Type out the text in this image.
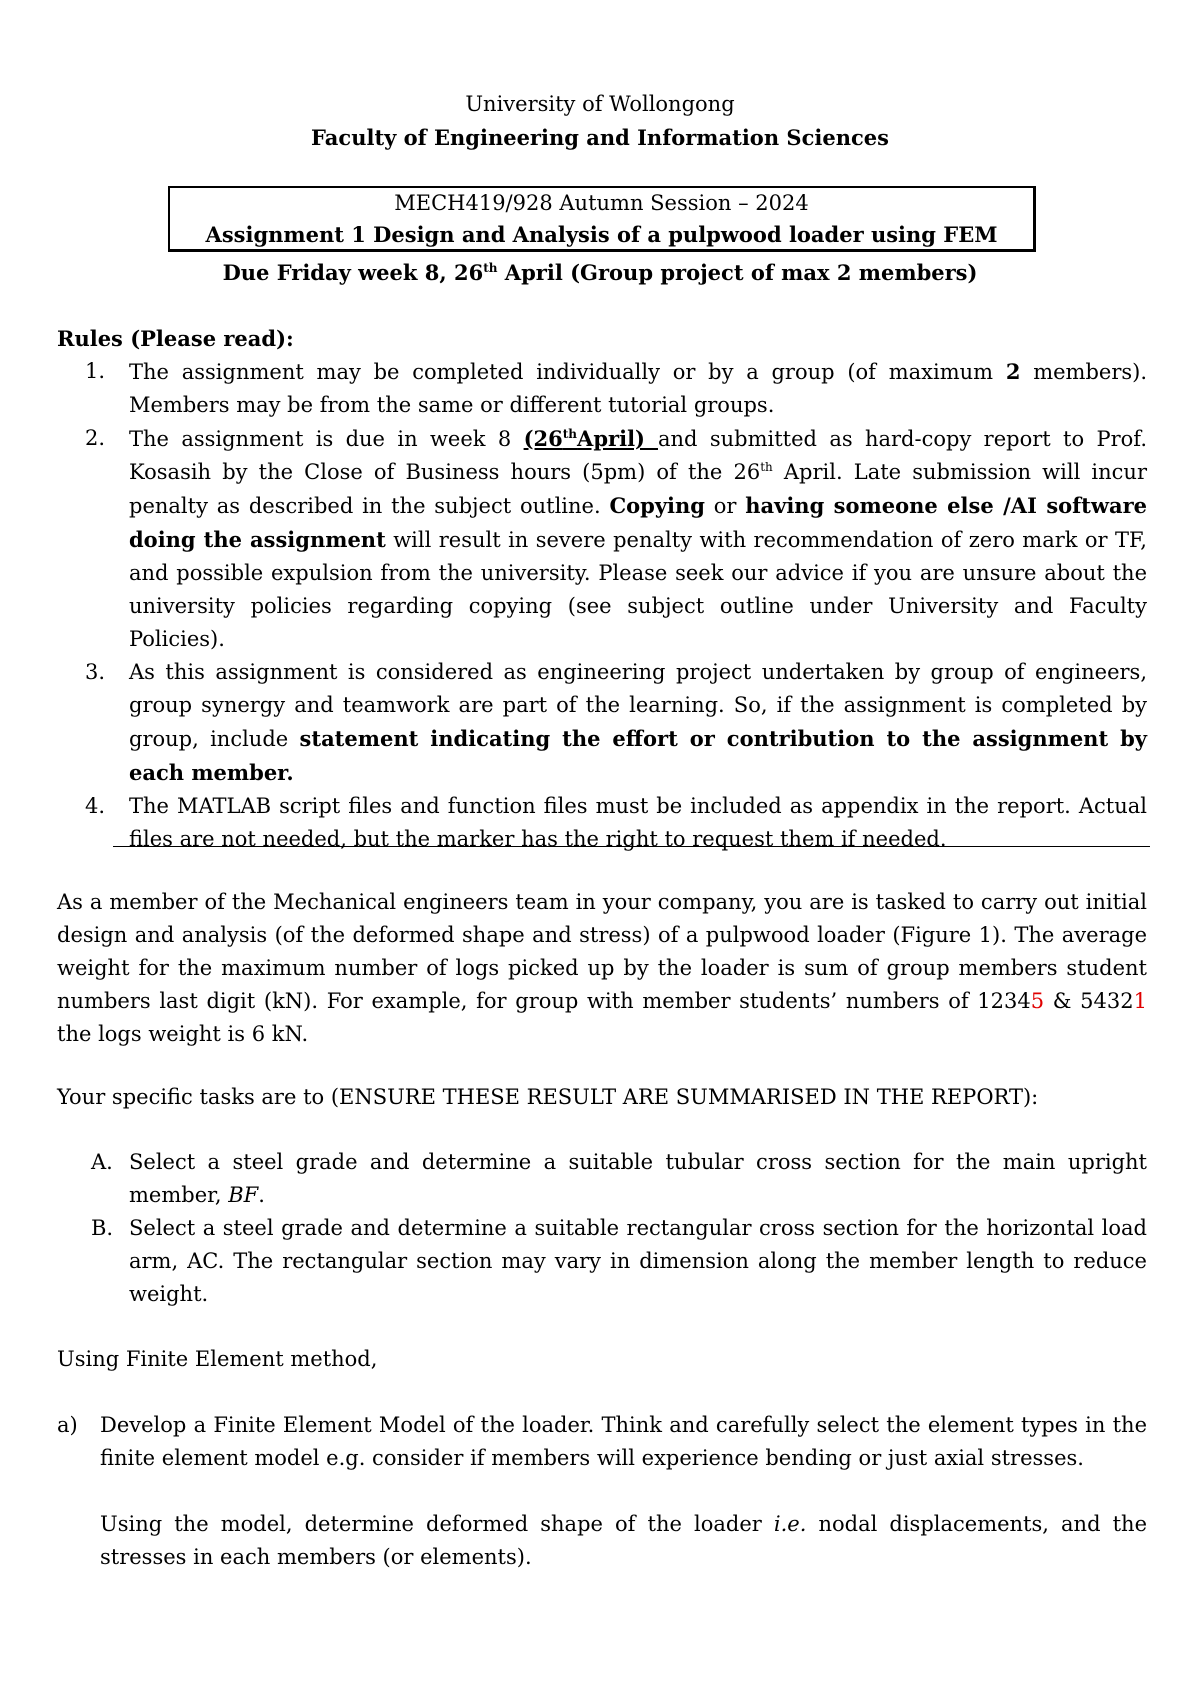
University of Wollongong
Faculty of Engineering and Information Sciences
MECH419/928 Autumn Session – 2024
Assignment 1 Design and Analysis of a pulpwood loader using FEM
Due Friday week 8, 26th April (Group project of max 2 members)
Rules (Please read):
1. The assignment may be completed individually or by a group (of maximum 2 members). Members may be from the same or different tutorial groups.
2. The assignment is due in week 8 (26thApril) and submitted as hard-copy report to Prof. Kosasih by the Close of Business hours (5pm) of the 26th April. Late submission will incur penalty as described in the subject outline. Copying or having someone else /AI software doing the assignment will result in severe penalty with recommendation of zero mark or TF, and possible expulsion from the university. Please seek our advice if you are unsure about the university policies regarding copying (see subject outline under University and Faculty Policies).
3. As this assignment is considered as engineering project undertaken by group of engineers, group synergy and teamwork are part of the learning. So, if the assignment is completed by group, include statement indicating the effort or contribution to the assignment by each member.
4. The MATLAB script files and function files must be included as appendix in the report. Actual files are not needed, but the marker has the right to request them if needed.
As a member of the Mechanical engineers team in your company, you are is tasked to carry out initial design and analysis (of the deformed shape and stress) of a pulpwood loader (Figure 1). The average weight for the maximum number of logs picked up by the loader is sum of group members student numbers last digit (kN). For example, for group with member students’ numbers of 12345 & 54321 the logs weight is 6 kN.
Your specific tasks are to (ENSURE THESE RESULT ARE SUMMARISED IN THE REPORT):
A. Select a steel grade and determine a suitable tubular cross section for the main upright member, BF.
B. Select a steel grade and determine a suitable rectangular cross section for the horizontal load arm, AC. The rectangular section may vary in dimension along the member length to reduce weight.
Using Finite Element method,
a) Develop a Finite Element Model of the loader. Think and carefully select the element types in the finite element model e.g. consider if members will experience bending or just axial stresses.
Using the model, determine deformed shape of the loader i.e. nodal displacements, and the stresses in each members (or elements).
